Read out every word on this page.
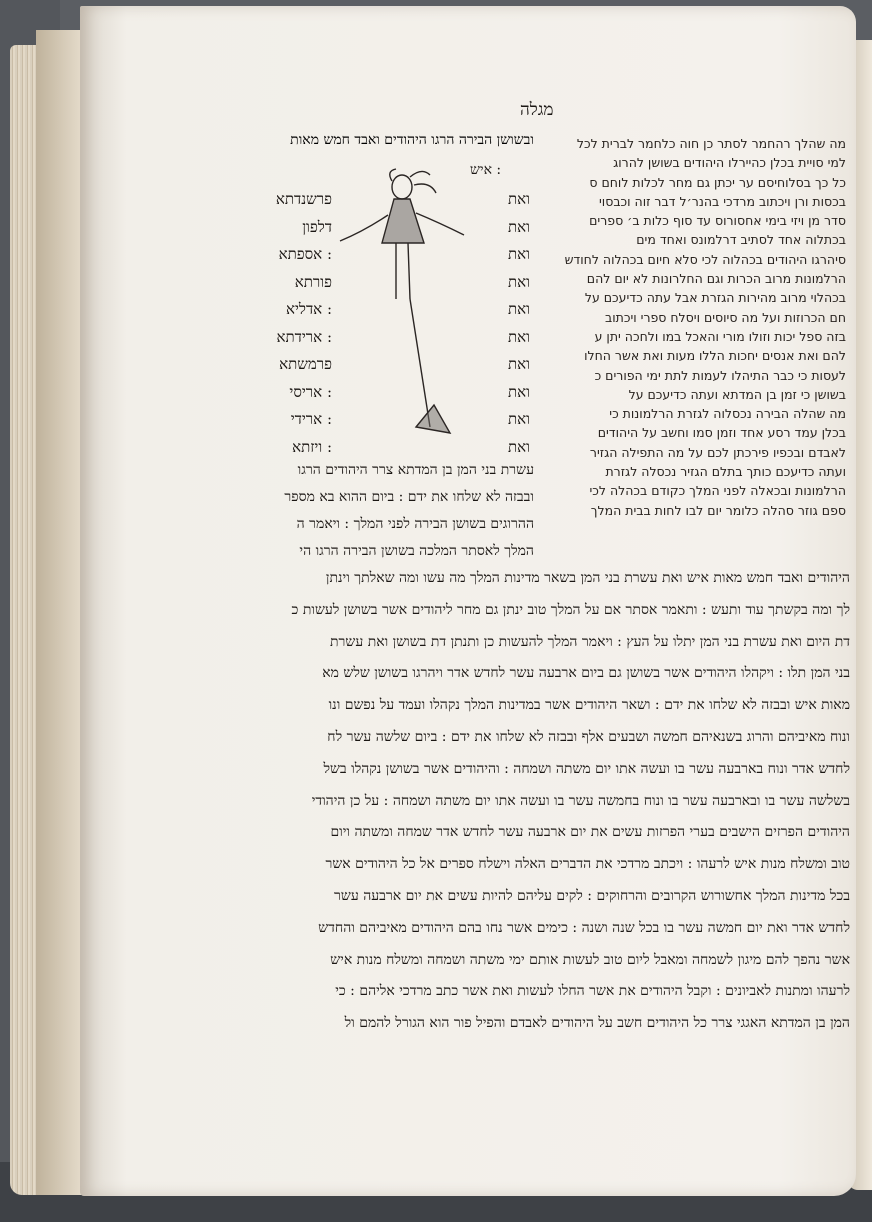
מגלה
ובשושן הבירה הרגו היהודים ואבד חמש מאות	מה שהלך רהחמר לסתר כן חוה כלחמר לברית לכל
למי סויית בכלן כהיירלו היהודים בשושן להרוג
כל כך בסלוחיסם ער יכתן גם מחר לכלות לוחם ס
בכסות ורן ויכתוב מרדכי בהנר׳ל דבר זוה וכבסוי
סדר מן ויזי בימי אחסורוס עד סוף כלות ב׳ ספרים
בכתלוה אחד לסתיב דרלמונס ואחד מים
סיהרגו היהודים בכהלוה לכי סלא חיום בכהלוה לחודש
הרלמונות מרוב הכרות וגם החלרונות לא יום להם
בכהלוי מרוב מהירות הגזרת אבל עתה כדיעכם על
חם הכרוזות ועל מה סיוסים ויסלח ספרי ויכתוב
בזה ספל יכות וזולו מורי והאכל במו ולחכה יתן ע
להם ואת אנסים יחכות הללו מעות ואת אשר החלו
לעסות כי כבר התיהלו לעמות לתת ימי הפורים כ
בשושן כי זמן בן המדתא ועתה כדיעכם על
מה שהלה הבירה נכסלוה לגזרת הרלמונות כי
בכלן עמד רסע אחד וזמן סמו וחשב על היהודים
לאבדם ובכפיו פירכתן לכם על מה התפילה הגזיר
ועתה כדיעכם כותך בתלם הגזיר נכסלה לגזרת
הרלמונות ובכאלה לפני המלך כקודם בכהלה לכי
ספם גוזר סהלה כלומר יום לבו לחות בבית המלך
איש :
ואת
פרשנדתא
ואת
דלפון
ואת
אספתא :
ואת
פורתא
ואת
אדליא :
ואת
ארידתא :
ואת
פרמשתא
ואת
אריסי :
ואת
ארידי :
ואת
ויזתא :
עשרת בני המן בן המדתא צרר היהודים הרגו
ובבזה לא שלחו את ידם : ביום ההוא בא מספר
ההרוגים בשושן הבירה לפני המלך : ויאמר ה
המלך לאסתר המלכה בשושן הבירה הרגו הי
היהודים ואבד חמש מאות איש ואת עשרת בני המן בשאר מדינות המלך מה עשו ומה שאלתך וינתן
לך ומה בקשתך עוד ותעש : ותאמר אסתר אם על המלך טוב ינתן גם מחר ליהודים אשר בשושן לעשות כ
דת היום ואת עשרת בני המן יתלו על העץ : ויאמר המלך להעשות כן ותנתן דת בשושן ואת עשרת
בני המן תלו : ויקהלו היהודים אשר בשושן גם ביום ארבעה עשר לחדש אדר ויהרגו בשושן שלש מא
מאות איש ובבזה לא שלחו את ידם : ושאר היהודים אשר במדינות המלך נקהלו ועמד על נפשם ונו
ונוח מאיביהם והרוג בשנאיהם חמשה ושבעים אלף ובבזה לא שלחו את ידם : ביום שלשה עשר לח
לחדש אדר ונוח בארבעה עשר בו ועשה אתו יום משתה ושמחה : והיהודים אשר בשושן נקהלו בשל
בשלשה עשר בו ובארבעה עשר בו ונוח בחמשה עשר בו ועשה אתו יום משתה ושמחה : על כן היהודי
היהודים הפרזים הישבים בערי הפרזות עשים את יום ארבעה עשר לחדש אדר שמחה ומשתה ויום
טוב ומשלח מנות איש לרעהו : ויכתב מרדכי את הדברים האלה וישלח ספרים אל כל היהודים אשר
בכל מדינות המלך אחשורוש הקרובים והרחוקים : לקים עליהם להיות עשים את יום ארבעה עשר
לחדש אדר ואת יום חמשה עשר בו בכל שנה ושנה : כימים אשר נחו בהם היהודים מאיביהם והחדש
אשר נהפך להם מיגון לשמחה ומאבל ליום טוב לעשות אותם ימי משתה ושמחה ומשלח מנות איש
לרעהו ומתנות לאביונים : וקבל היהודים את אשר החלו לעשות ואת אשר כתב מרדכי אליהם : כי
המן בן המדתא האגגי צרר כל היהודים חשב על היהודים לאבדם והפיל פור הוא הגורל להמם ול
